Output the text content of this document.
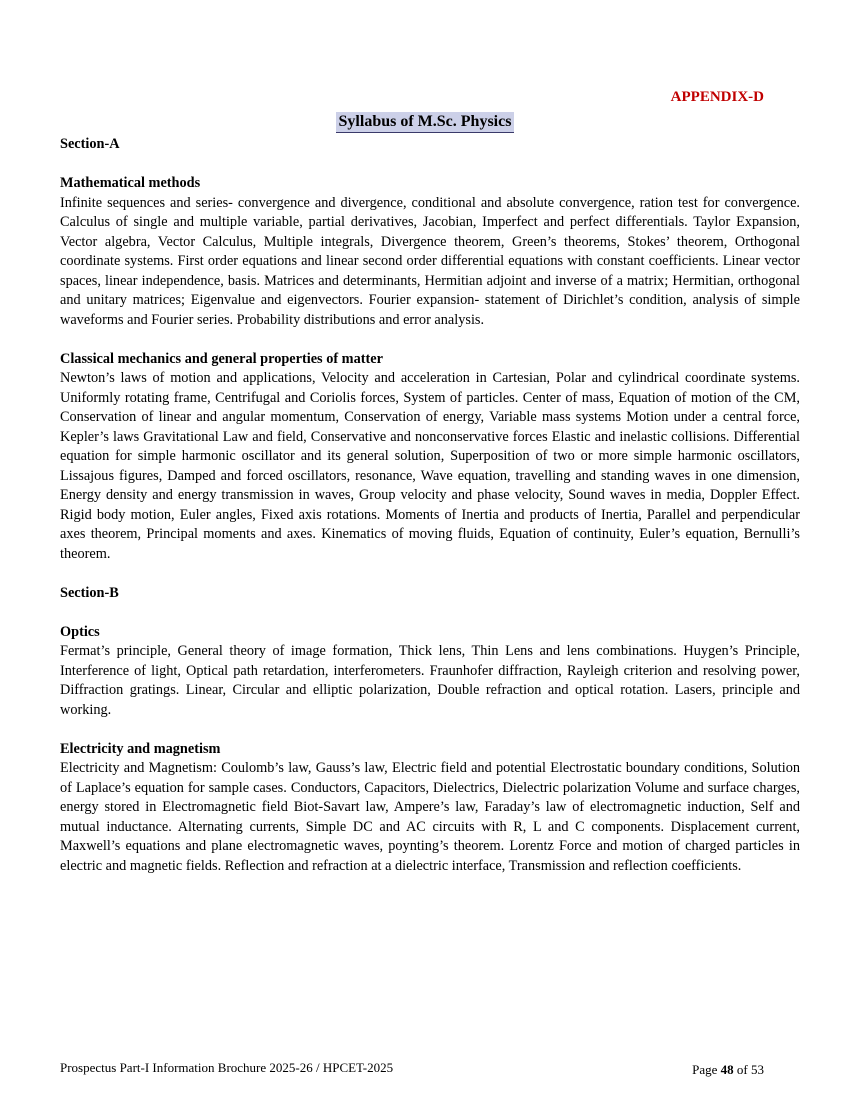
APPENDIX-D
Syllabus of M.Sc. Physics

Section-A

Mathematical methods

Infinite sequences and series- convergence and divergence, conditional and absolute convergence, ration test for convergence. Calculus of single and multiple variable, partial derivatives, Jacobian, Imperfect and perfect differentials. Taylor Expansion, Vector algebra, Vector Calculus, Multiple integrals, Divergence theorem, Green’s theorems, Stokes’ theorem, Orthogonal coordinate systems. First order equations and linear second order differential equations with constant coefficients. Linear vector spaces, linear independence, basis. Matrices and determinants, Hermitian adjoint and inverse of a matrix; Hermitian, orthogonal and unitary matrices; Eigenvalue and eigenvectors. Fourier expansion- statement of Dirichlet’s condition, analysis of simple waveforms and Fourier series. Probability distributions and error analysis.

Classical mechanics and general properties of matter

Newton’s laws of motion and applications, Velocity and acceleration in Cartesian, Polar and cylindrical coordinate systems. Uniformly rotating frame, Centrifugal and Coriolis forces, System of particles. Center of mass, Equation of motion of the CM, Conservation of linear and angular momentum, Conservation of energy, Variable mass systems Motion under a central force, Kepler’s laws Gravitational Law and field, Conservative and nonconservative forces Elastic and inelastic collisions. Differential equation for simple harmonic oscillator and its general solution, Superposition of two or more simple harmonic oscillators, Lissajous figures, Damped and forced oscillators, resonance, Wave equation, travelling and standing waves in one dimension, Energy density and energy transmission in waves, Group velocity and phase velocity, Sound waves in media, Doppler Effect. Rigid body motion, Euler angles, Fixed axis rotations. Moments of Inertia and products of Inertia, Parallel and perpendicular axes theorem, Principal moments and axes. Kinematics of moving fluids, Equation of continuity, Euler’s equation, Bernulli’s theorem.

Section-B

Optics

Fermat’s principle, General theory of image formation, Thick lens, Thin Lens and lens combinations. Huygen’s Principle, Interference of light, Optical path retardation, interferometers. Fraunhofer diffraction, Rayleigh criterion and resolving power, Diffraction gratings. Linear, Circular and elliptic polarization, Double refraction and optical rotation. Lasers, principle and working.

Electricity and magnetism

Electricity and Magnetism: Coulomb’s law, Gauss’s law, Electric field and potential Electrostatic boundary conditions, Solution of Laplace’s equation for sample cases. Conductors, Capacitors, Dielectrics, Dielectric polarization Volume and surface charges, energy stored in Electromagnetic field Biot-Savart law, Ampere’s law, Faraday’s law of electromagnetic induction, Self and mutual inductance. Alternating currents, Simple DC and AC circuits with R, L and C components. Displacement current, Maxwell’s equations and plane electromagnetic waves, poynting’s theorem. Lorentz Force and motion of charged particles in electric and magnetic fields. Reflection and refraction at a dielectric interface, Transmission and reflection coefficients.

Prospectus Part-I Information Brochure 2025-26 / HPCET-2025	Page 48 of 53
